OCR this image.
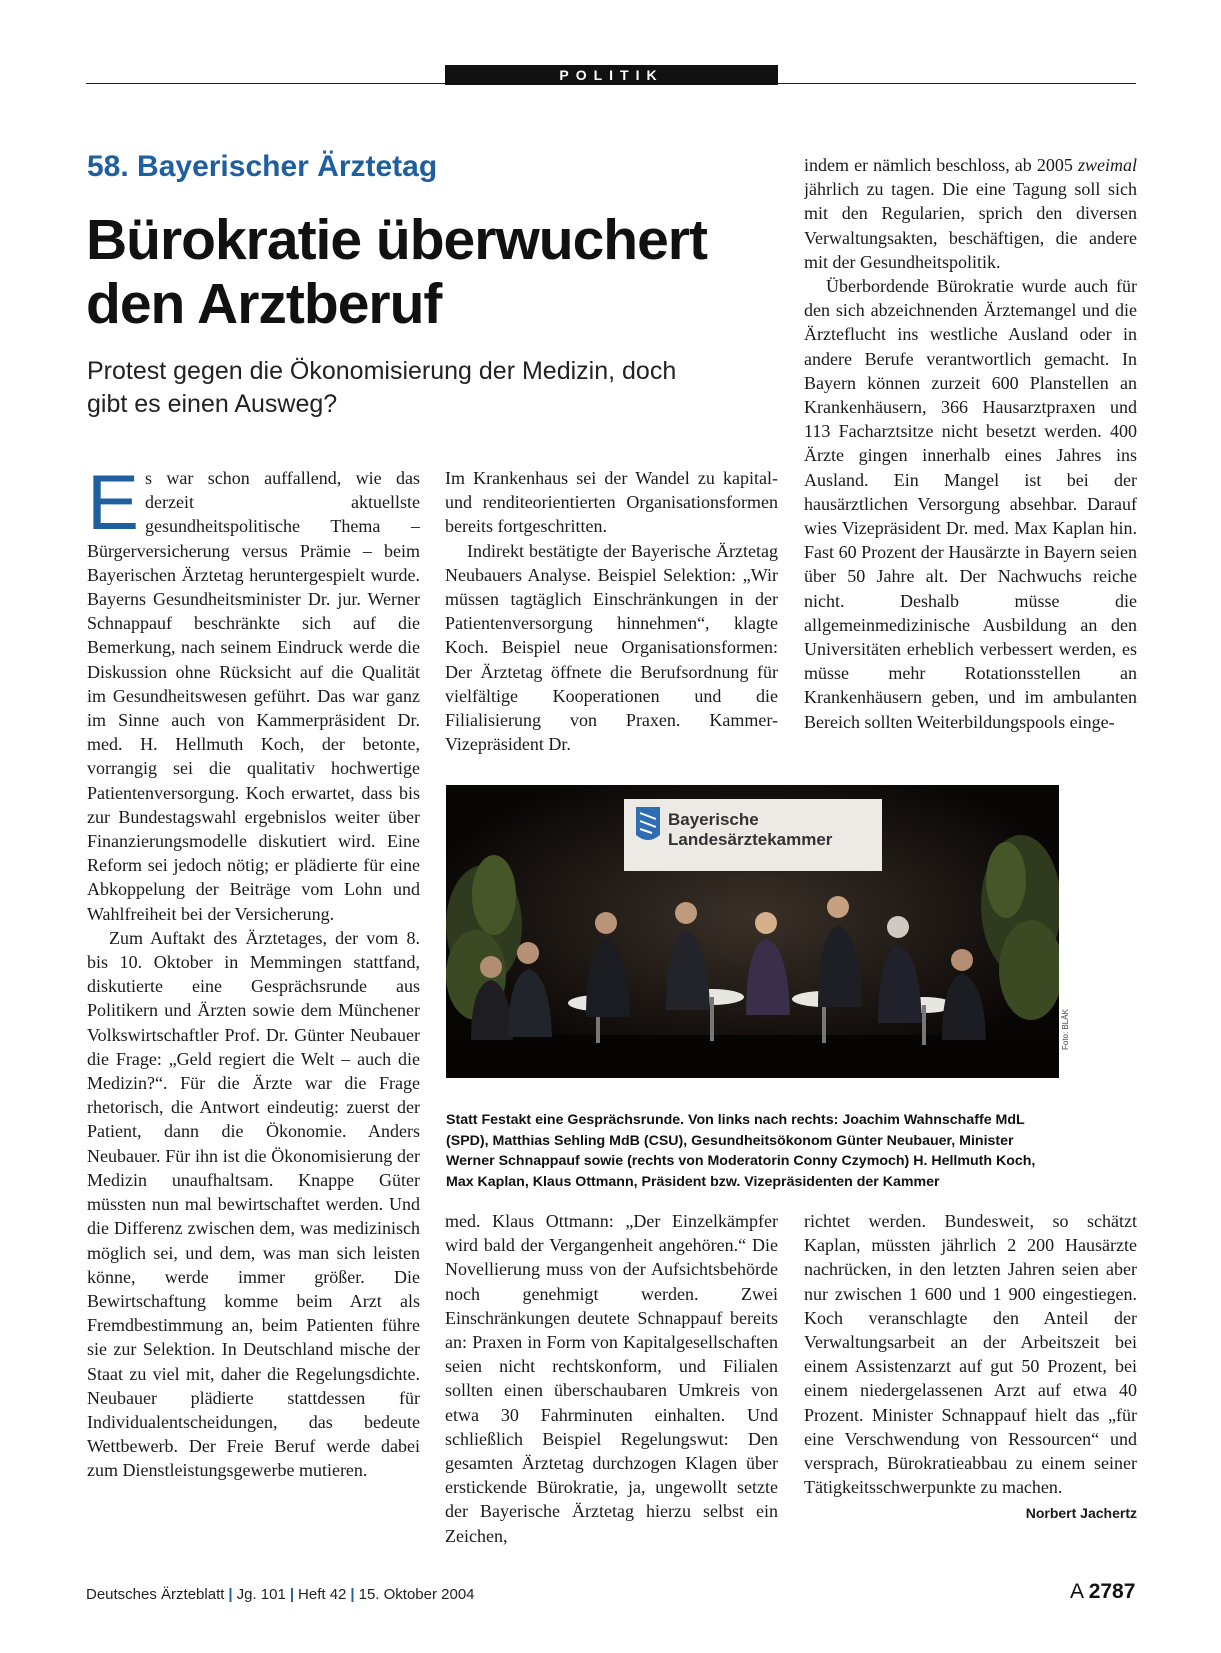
POLITIK
58. Bayerischer Ärztetag
Bürokratie überwuchert den Arztberuf
Protest gegen die Ökonomisierung der Medizin, doch gibt es einen Ausweg?

Es war schon auffallend, wie das derzeit aktuellste gesundheitspolitische Thema – Bürgerversicherung versus Prämie – beim Bayerischen Ärztetag heruntergespielt wurde. Bayerns Gesundheitsminister Dr. jur. Werner Schnappauf beschränkte sich auf die Bemerkung, nach seinem Eindruck werde die Diskussion ohne Rücksicht auf die Qualität im Gesundheitswesen geführt. Das war ganz im Sinne auch von Kammerpräsident Dr. med. H. Hellmuth Koch, der betonte, vorrangig sei die qualitativ hochwertige Patientenversorgung. Koch erwartet, dass bis zur Bundestagswahl ergebnislos weiter über Finanzierungsmodelle diskutiert wird. Eine Reform sei jedoch nötig; er plädierte für eine Abkoppelung der Beiträge vom Lohn und Wahlfreiheit bei der Versicherung.

Zum Auftakt des Ärztetages, der vom 8. bis 10. Oktober in Memmingen stattfand, diskutierte eine Gesprächsrunde aus Politikern und Ärzten sowie dem Münchener Volkswirtschaftler Prof. Dr. Günter Neubauer die Frage: „Geld regiert die Welt – auch die Medizin?“. Für die Ärzte war die Frage rhetorisch, die Antwort eindeutig: zuerst der Patient, dann die Ökonomie. Anders Neubauer. Für ihn ist die Ökonomisierung der Medizin unaufhaltsam. Knappe Güter müssten nun mal bewirtschaftet werden. Und die Differenz zwischen dem, was medizinisch möglich sei, und dem, was man sich leisten könne, werde immer größer. Die Bewirtschaftung komme beim Arzt als Fremdbestimmung an, beim Patienten führe sie zur Selektion. In Deutschland mische der Staat zu viel mit, daher die Regelungsdichte. Neubauer plädierte stattdessen für Individualentscheidungen, das bedeute Wettbewerb. Der Freie Beruf werde dabei zum Dienstleistungsgewerbe mutieren.

Im Krankenhaus sei der Wandel zu kapital- und renditeorientierten Organisationsformen bereits fortgeschritten.

Indirekt bestätigte der Bayerische Ärztetag Neubauers Analyse. Beispiel Selektion: „Wir müssen tagtäglich Einschränkungen in der Patientenversorgung hinnehmen“, klagte Koch. Beispiel neue Organisationsformen: Der Ärztetag öffnete die Berufsordnung für vielfältige Kooperationen und die Filialisierung von Praxen. Kammer-Vizepräsident Dr.

indem er nämlich beschloss, ab 2005 zweimal jährlich zu tagen. Die eine Tagung soll sich mit den Regularien, sprich den diversen Verwaltungsakten, beschäftigen, die andere mit der Gesundheitspolitik.

Überbordende Bürokratie wurde auch für den sich abzeichnenden Ärztemangel und die Ärzteflucht ins westliche Ausland oder in andere Berufe verantwortlich gemacht. In Bayern können zurzeit 600 Planstellen an Krankenhäusern, 366 Hausarztpraxen und 113 Facharztsitze nicht besetzt werden. 400 Ärzte gingen innerhalb eines Jahres ins Ausland. Ein Mangel ist bei der hausärztlichen Versorgung absehbar. Darauf wies Vizepräsident Dr. med. Max Kaplan hin. Fast 60 Prozent der Hausärzte in Bayern seien über 50 Jahre alt. Der Nachwuchs reiche nicht. Deshalb müsse die allgemeinmedizinische Ausbildung an den Universitäten erheblich verbessert werden, es müsse mehr Rotationsstellen an Krankenhäusern geben, und im ambulanten Bereich sollten Weiterbildungspools einge-

Bayerische
Landesärztekammer
Foto: BLÄK
Statt Festakt eine Gesprächsrunde. Von links nach rechts: Joachim Wahnschaffe MdL (SPD), Matthias Sehling MdB (CSU), Gesundheitsökonom Günter Neubauer, Minister Werner Schnappauf sowie (rechts von Moderatorin Conny Czymoch) H. Hellmuth Koch, Max Kaplan, Klaus Ottmann, Präsident bzw. Vizepräsidenten der Kammer

med. Klaus Ottmann: „Der Einzelkämpfer wird bald der Vergangenheit angehören.“ Die Novellierung muss von der Aufsichtsbehörde noch genehmigt werden. Zwei Einschränkungen deutete Schnappauf bereits an: Praxen in Form von Kapitalgesellschaften seien nicht rechtskonform, und Filialen sollten einen überschaubaren Umkreis von etwa 30 Fahrminuten einhalten. Und schließlich Beispiel Regelungswut: Den gesamten Ärztetag durchzogen Klagen über erstickende Bürokratie, ja, ungewollt setzte der Bayerische Ärztetag hierzu selbst ein Zeichen,

richtet werden. Bundesweit, so schätzt Kaplan, müssten jährlich 2 200 Hausärzte nachrücken, in den letzten Jahren seien aber nur zwischen 1 600 und 1 900 eingestiegen. Koch veranschlagte den Anteil der Verwaltungsarbeit an der Arbeitszeit bei einem Assistenzarzt auf gut 50 Prozent, bei einem niedergelassenen Arzt auf etwa 40 Prozent. Minister Schnappauf hielt das „für eine Verschwendung von Ressourcen“ und versprach, Bürokratieabbau zu einem seiner Tätigkeitsschwerpunkte zu machen.
Norbert Jachertz

Deutsches Ärzteblatt | Jg. 101 | Heft 42 | 15. Oktober 2004	A 2787
